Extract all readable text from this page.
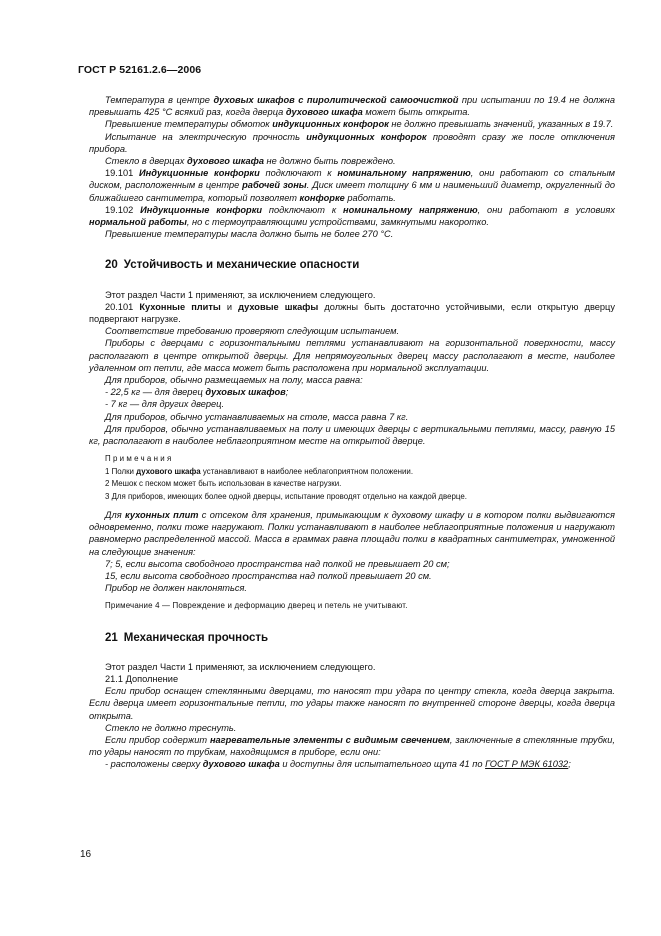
ГОСТ Р 52161.2.6—2006

Температура в центре духовых шкафов с пиролитической самоочисткой при испытании по 19.4 не должна превышать 425 °С всякий раз, когда дверца духового шкафа может быть открыта.

Превышение температуры обмоток индукционных конфорок не должно превышать значений, указанных в 19.7.

Испытание на электрическую прочность индукционных конфорок проводят сразу же после отключения прибора.

Стекло в дверцах духового шкафа не должно быть повреждено.

19.101 Индукционные конфорки подключают к номинальному напряжению, они работают со стальным диском, расположенным в центре рабочей зоны. Диск имеет толщину 6 мм и наименьший диаметр, округленный до ближайшего сантиметра, который позволяет конфорке работать.

19.102 Индукционные конфорки подключают к номинальному напряжению, они работают в условиях нормальной работы, но с термоуправляющими устройствами, замкнутыми накоротко.

Превышение температуры масла должно быть не более 270 °С.

20 Устойчивость и механические опасности

Этот раздел Части 1 применяют, за исключением следующего.

20.101 Кухонные плиты и духовые шкафы должны быть достаточно устойчивыми, если открытую дверцу подвергают нагрузке.

Соответствие требованию проверяют следующим испытанием.

Приборы с дверцами с горизонтальными петлями устанавливают на горизонтальной поверхности, массу располагают в центре открытой дверцы. Для непрямоугольных дверец массу располагают в месте, наиболее удаленном от петли, где масса может быть расположена при нормальной эксплуатации.

Для приборов, обычно размещаемых на полу, масса равна:

- 22,5 кг — для дверец духовых шкафов;

- 7 кг — для других дверец.

Для приборов, обычно устанавливаемых на столе, масса равна 7 кг.

Для приборов, обычно устанавливаемых на полу и имеющих дверцы с вертикальными петлями, массу, равную 15 кг, располагают в наиболее неблагоприятном месте на открытой дверце.

Примечания
1 Полки духового шкафа устанавливают в наиболее неблагоприятном положении.
2 Мешок с песком может быть использован в качестве нагрузки.
3 Для приборов, имеющих более одной дверцы, испытание проводят отдельно на каждой дверце.

Для кухонных плит с отсеком для хранения, примыкающим к духовому шкафу и в котором полки выдвигаются одновременно, полки тоже нагружают. Полки устанавливают в наиболее неблагоприятные положения и нагружают равномерно распределенной массой. Масса в граммах равна площади полки в квадратных сантиметрах, умноженной на следующие значения:

7; 5, если высота свободного пространства над полкой не превышает 20 см;

15, если высота свободного пространства над полкой превышает 20 см.

Прибор не должен наклоняться.

Примечание 4 — Повреждение и деформацию дверец и петель не учитывают.
21 Механическая прочность

Этот раздел Части 1 применяют, за исключением следующего.

21.1 Дополнение

Если прибор оснащен стеклянными дверцами, то наносят три удара по центру стекла, когда дверца закрыта. Если дверца имеет горизонтальные петли, то удары также наносят по внутренней стороне дверцы, когда дверца открыта.

Стекло не должно треснуть.

Если прибор содержит нагревательные элементы с видимым свечением, заключенные в стеклянные трубки, то удары наносят по трубкам, находящимся в приборе, если они:

- расположены сверху духового шкафа и доступны для испытательного щупа 41 по ГОСТ Р МЭК 61032;

16
